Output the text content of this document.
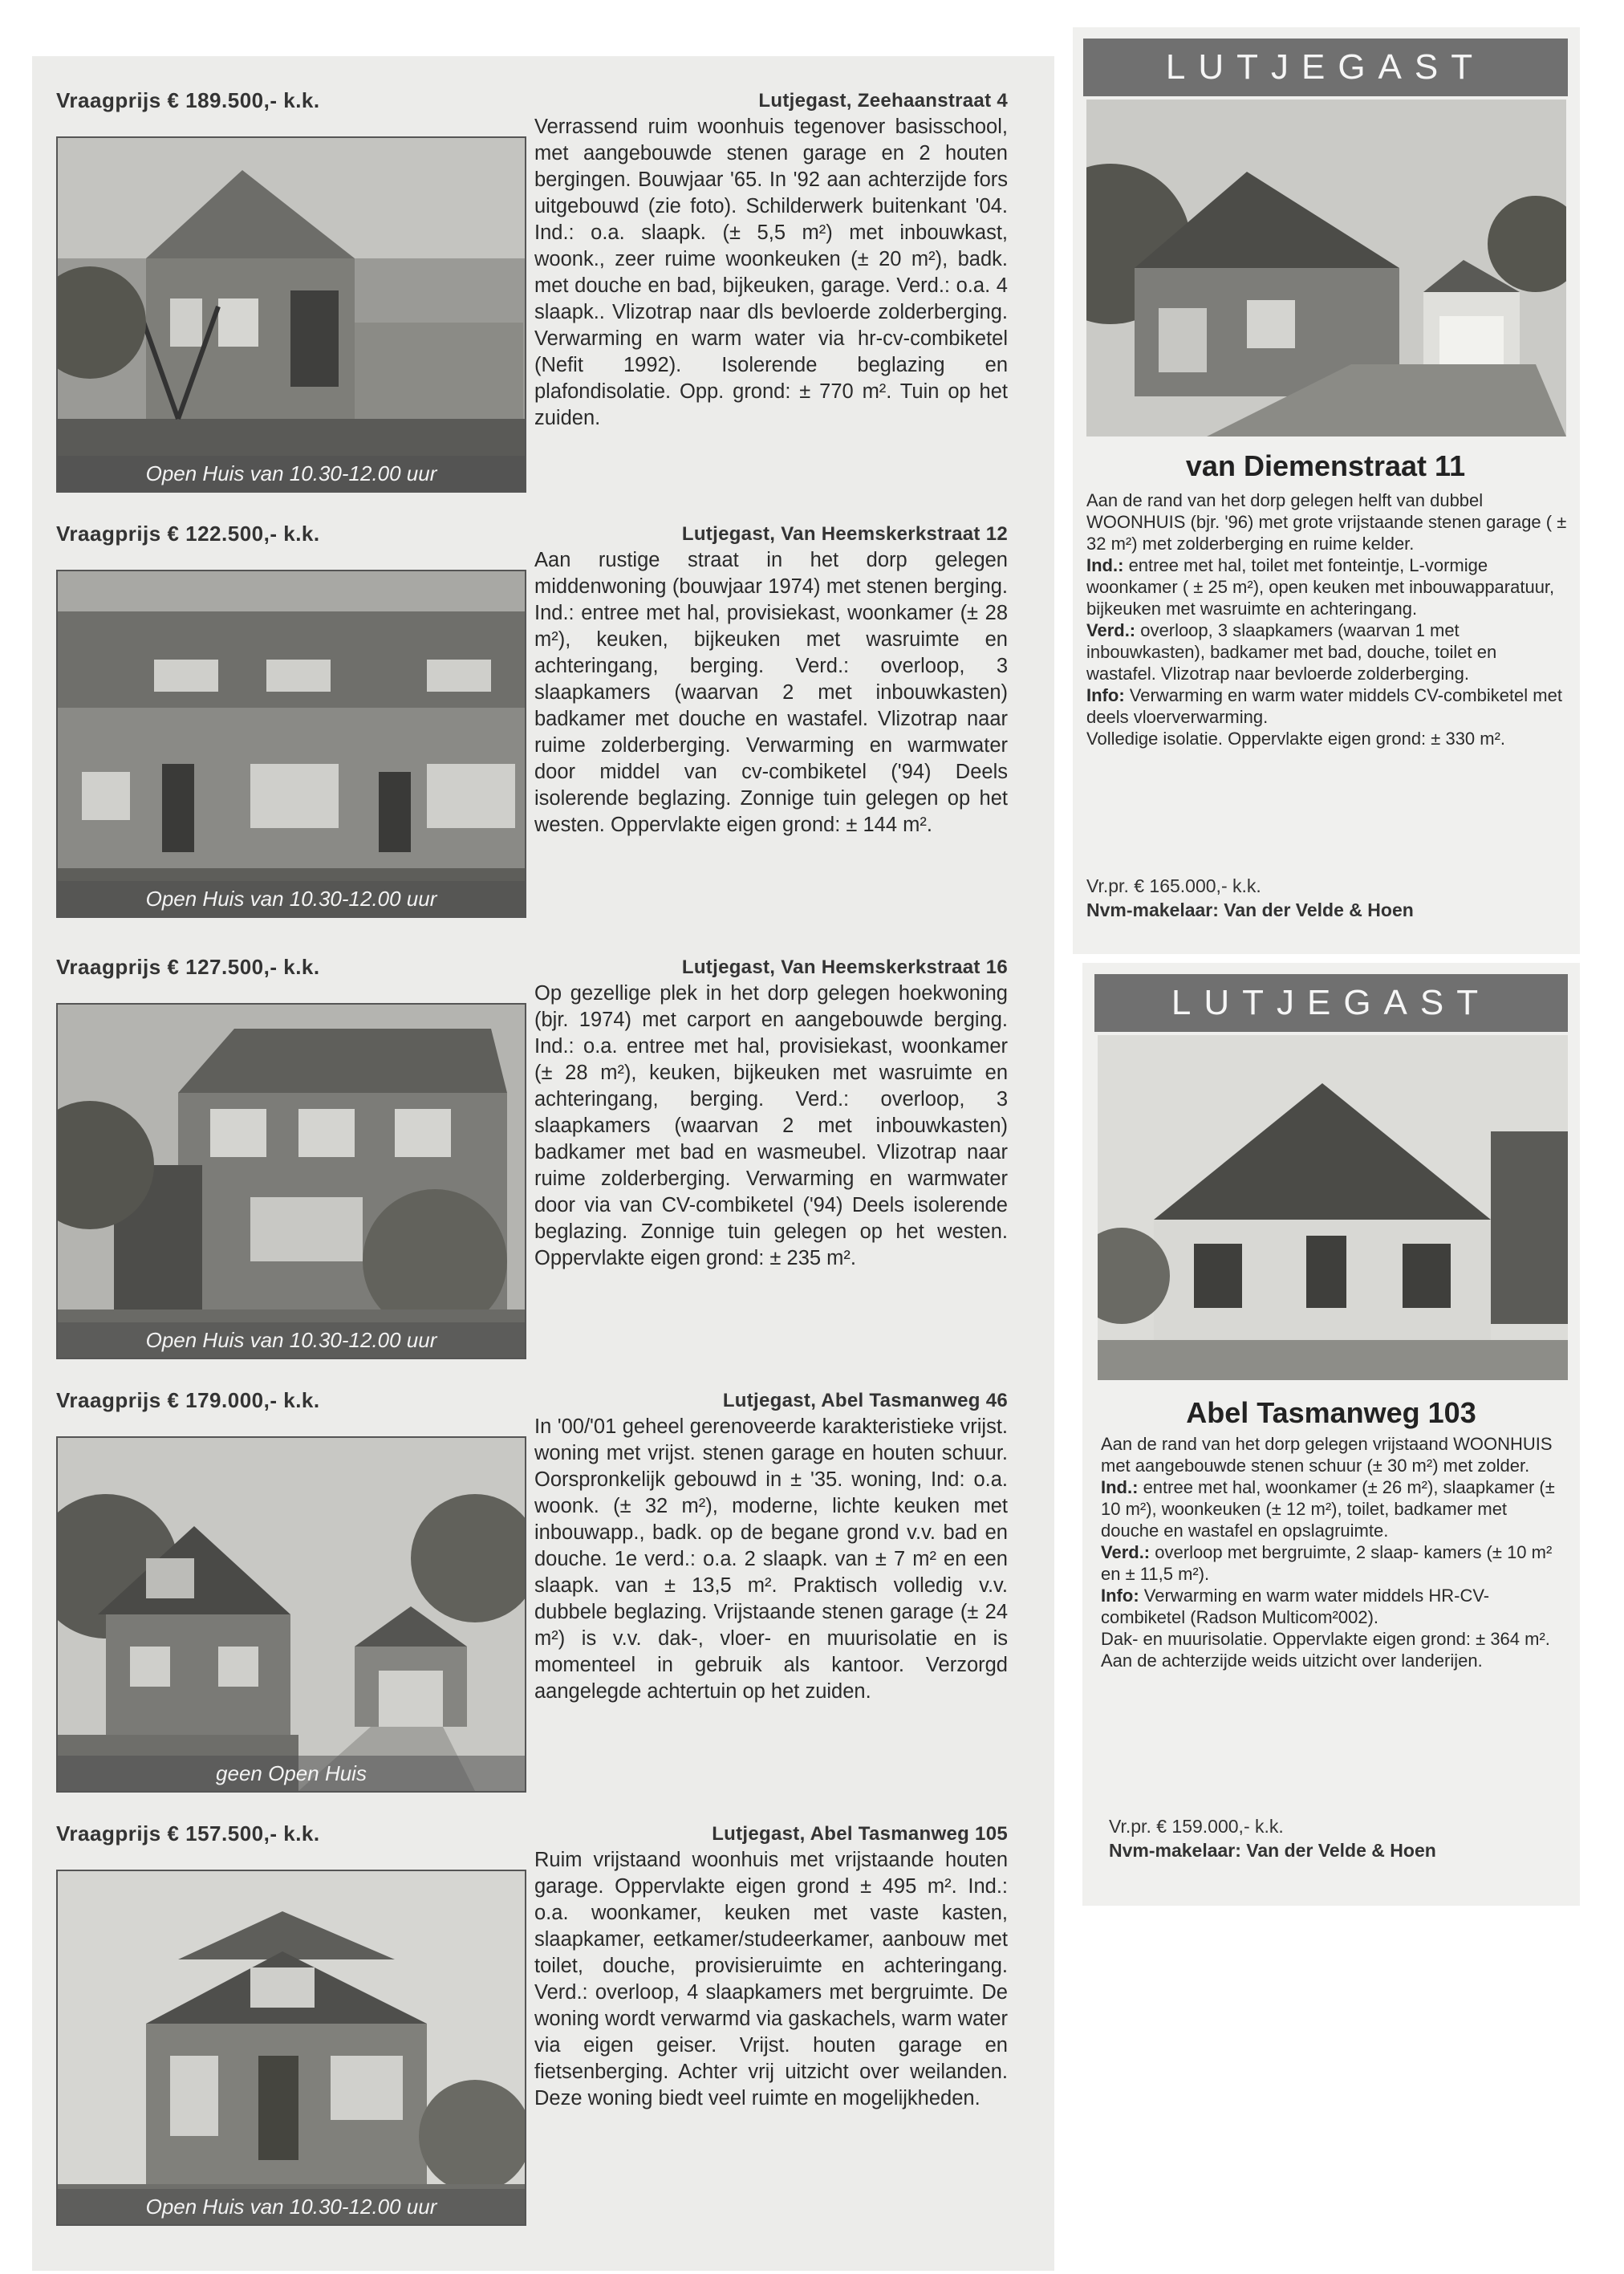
Vraagprijs € 189.500,- k.k.
Open Huis van 10.30-12.00 uur
Lutjegast, Zeehaanstraat 4
Verrassend ruim woonhuis tegenover basisschool, met aangebouwde stenen garage en 2 houten bergingen. Bouwjaar '65. In '92 aan achterzijde fors uitgebouwd (zie foto). Schilderwerk buitenkant '04. Ind.: o.a. slaapk. (± 5,5 m²) met inbouwkast, woonk., zeer ruime woonkeuken (± 20 m²), badk. met douche en bad, bijkeuken, garage. Verd.: o.a. 4 slaapk.. Vlizotrap naar dls bevloerde zolderberging. Verwarming en warm water via hr-cv-combiketel (Nefit 1992). Isolerende beglazing en plafondisolatie. Opp. grond: ± 770 m². Tuin op het zuiden.
Vraagprijs € 122.500,- k.k.
Open Huis van 10.30-12.00 uur
Lutjegast, Van Heemskerkstraat 12
Aan rustige straat in het dorp gelegen middenwoning (bouwjaar 1974) met stenen berging. Ind.: entree met hal, provisiekast, woonkamer (± 28 m²), keuken, bijkeuken met wasruimte en achteringang, berging. Verd.: overloop, 3 slaapkamers (waarvan 2 met inbouwkasten) badkamer met douche en wastafel. Vlizotrap naar ruime zolderberging. Verwarming en warmwater door middel van cv-combiketel ('94) Deels isolerende beglazing. Zonnige tuin gelegen op het westen. Oppervlakte eigen grond: ± 144 m².
Vraagprijs € 127.500,- k.k.
Open Huis van 10.30-12.00 uur
Lutjegast, Van Heemskerkstraat 16
Op gezellige plek in het dorp gelegen hoekwoning (bjr. 1974) met carport en aangebouwde berging. Ind.: o.a. entree met hal, provisiekast, woonkamer (± 28 m²), keuken, bijkeuken met wasruimte en achteringang, berging. Verd.: overloop, 3 slaapkamers (waarvan 2 met inbouwkasten) badkamer met bad en wasmeubel. Vlizotrap naar ruime zolderberging. Verwarming en warmwater door via van CV-combiketel ('94) Deels isolerende beglazing. Zonnige tuin gelegen op het westen. Oppervlakte eigen grond: ± 235 m².
Vraagprijs € 179.000,- k.k.
geen Open Huis
Lutjegast, Abel Tasmanweg 46
In '00/'01 geheel gerenoveerde karakteristieke vrijst. woning met vrijst. stenen garage en houten schuur. Oorspronkelijk gebouwd in ± '35. woning, Ind: o.a. woonk. (± 32 m²), moderne, lichte keuken met inbouwapp., badk. op de begane grond v.v. bad en douche. 1e verd.: o.a. 2 slaapk. van ± 7 m² en een slaapk. van ± 13,5 m². Praktisch volledig v.v. dubbele beglazing. Vrijstaande stenen garage (± 24 m²) is v.v. dak-, vloer- en muurisolatie en is momenteel in gebruik als kantoor. Verzorgd aangelegde achtertuin op het zuiden.
Vraagprijs € 157.500,- k.k.
Open Huis van 10.30-12.00 uur
Lutjegast, Abel Tasmanweg 105
Ruim vrijstaand woonhuis met vrijstaande houten garage. Oppervlakte eigen grond ± 495 m². Ind.: o.a. woonkamer, keuken met vaste kasten, slaapkamer, eetkamer/studeerkamer, aanbouw met toilet, douche, provisieruimte en achteringang. Verd.: overloop, 4 slaapkamers met bergruimte. De woning wordt verwarmd via gaskachels, warm water via eigen geiser. Vrijst. houten garage en fietsenberging. Achter vrij uitzicht over weilanden. Deze woning biedt veel ruimte en mogelijkheden.
LUTJEGAST
van Diemenstraat 11
Aan de rand van het dorp gelegen helft van dubbel WOONHUIS (bjr. '96) met grote vrijstaande stenen garage ( ± 32 m²) met zolderberging en ruime kelder.
Ind.: entree met hal, toilet met fonteintje, L-vormige woonkamer ( ± 25 m²), open keuken met inbouwapparatuur, bijkeuken met wasruimte en achteringang.
Verd.: overloop, 3 slaapkamers (waarvan 1 met inbouwkasten), badkamer met bad, douche, toilet en wastafel. Vlizotrap naar bevloerde zolderberging.
Info: Verwarming en warm water middels CV-combiketel met deels vloerverwarming.
Volledige isolatie. Oppervlakte eigen grond: ± 330 m².
Vr.pr. € 165.000,- k.k.
Nvm-makelaar: Van der Velde & Hoen
LUTJEGAST
Abel Tasmanweg 103
Aan de rand van het dorp gelegen vrijstaand WOONHUIS met aangebouwde stenen schuur (± 30 m²) met zolder.
Ind.: entree met hal, woonkamer (± 26 m²), slaapkamer (± 10 m²), woonkeuken (± 12 m²), toilet, badkamer met douche en wastafel en opslagruimte.
Verd.: overloop met bergruimte, 2 slaap- kamers (± 10 m² en ± 11,5 m²).
Info: Verwarming en warm water middels HR-CV-combiketel (Radson Multicom²002).
Dak- en muurisolatie. Oppervlakte eigen grond: ± 364 m². Aan de achterzijde weids uitzicht over landerijen.
Vr.pr. € 159.000,- k.k.
Nvm-makelaar: Van der Velde & Hoen
